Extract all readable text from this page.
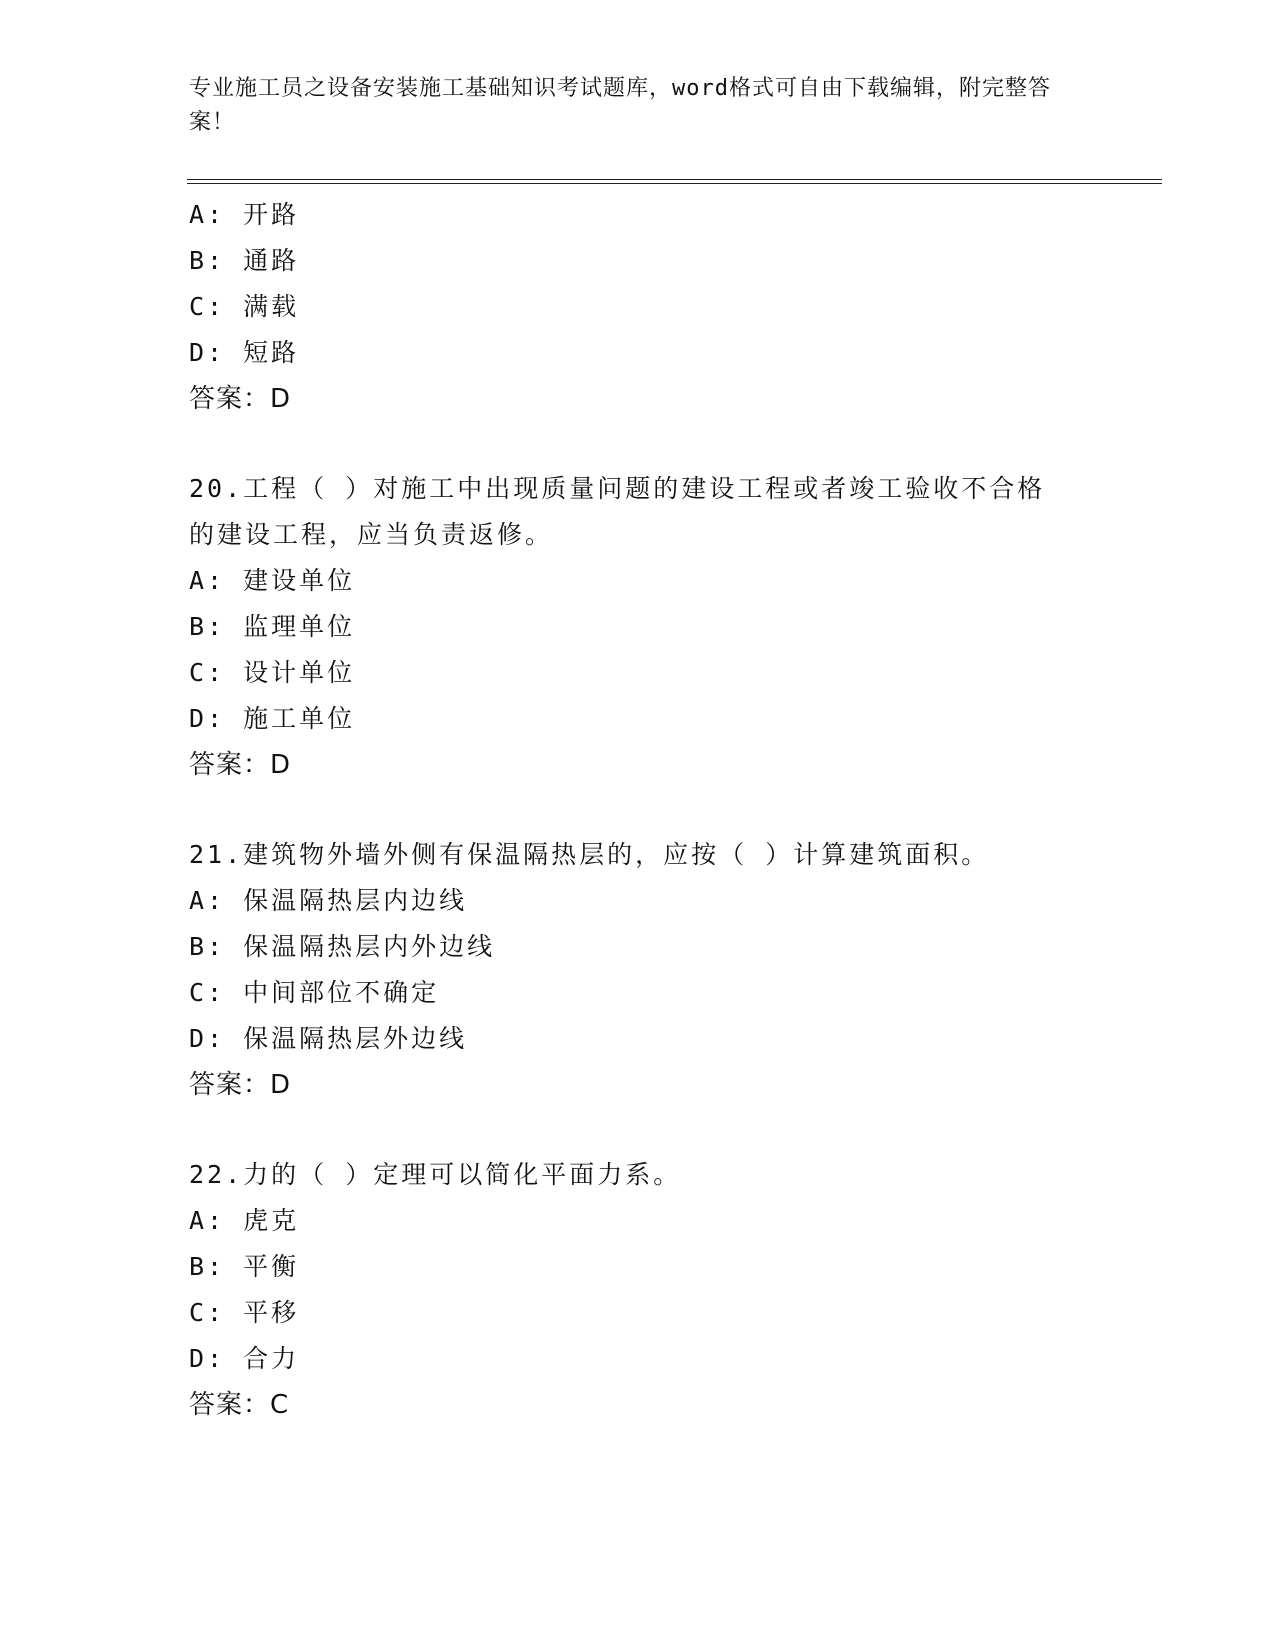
专业施工员之设备安装施工基础知识考试题库，word格式可自由下载编辑，附完整答案！
A: 开路
B: 通路
C: 满载
D: 短路
答案：D
20.工程（ ）对施工中出现质量问题的建设工程或者竣工验收不合格
的建设工程，应当负责返修。
A: 建设单位
B: 监理单位
C: 设计单位
D: 施工单位
答案：D
21.建筑物外墙外侧有保温隔热层的，应按（ ）计算建筑面积。
A: 保温隔热层内边线
B: 保温隔热层内外边线
C: 中间部位不确定
D: 保温隔热层外边线
答案：D
22.力的（ ）定理可以简化平面力系。
A: 虎克
B: 平衡
C: 平移
D: 合力
答案：C
